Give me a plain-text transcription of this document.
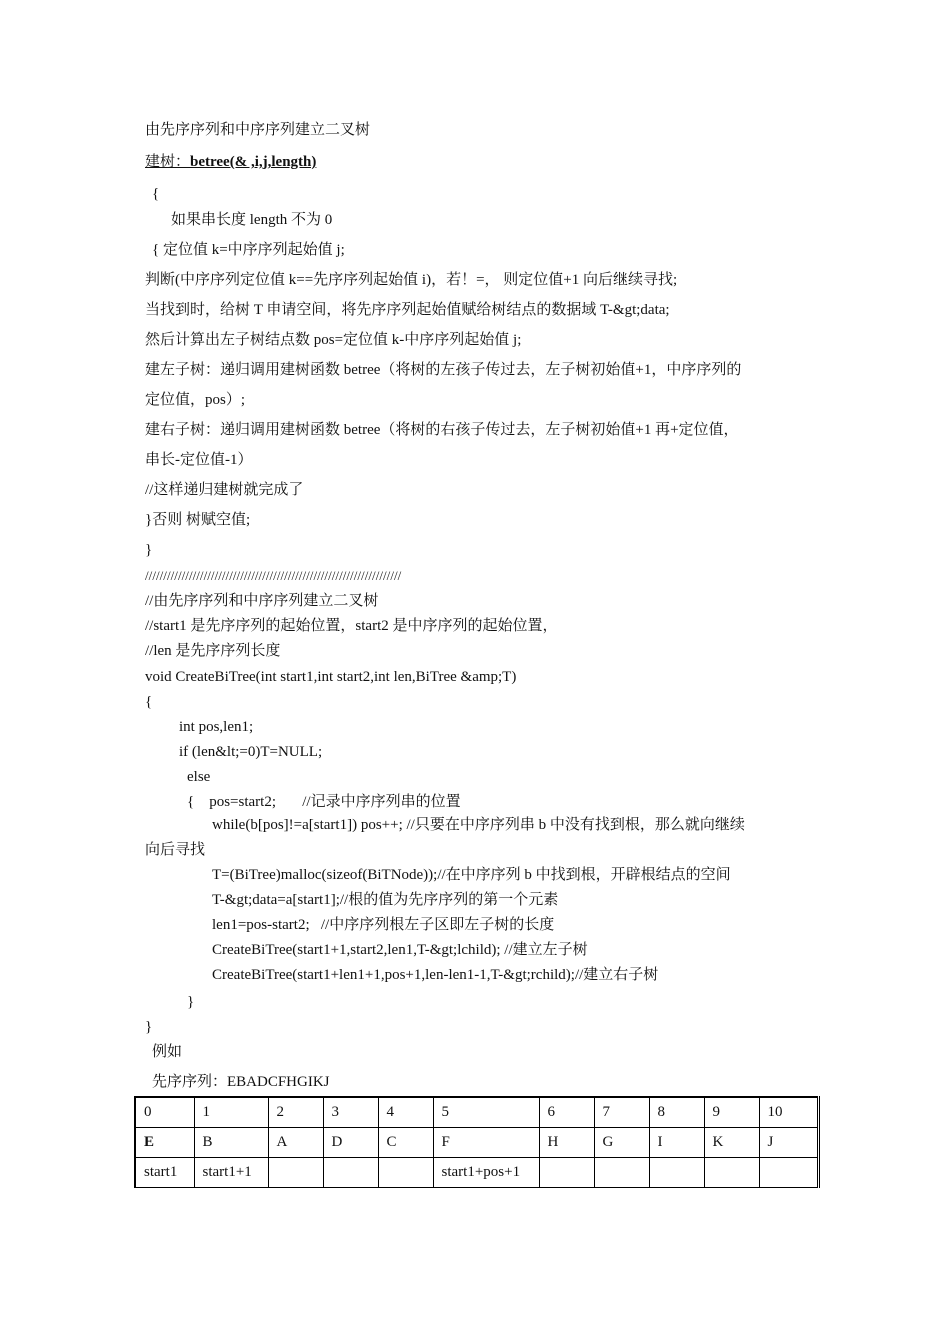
由先序序列和中序序列建立二叉树
建树：betree(& ,i,j,length)
{
如果串长度 length 不为 0
{ 定位值 k=中序序列起始值 j;
判断(中序序列定位值 k==先序序列起始值 i)，若！=， 则定位值+1 向后继续寻找;
当找到时，给树 T 申请空间，将先序序列起始值赋给树结点的数据域 T-&gt;data;
然后计算出左子树结点数 pos=定位值 k-中序序列起始值 j;
建左子树：递归调用建树函数 betree（将树的左孩子传过去，左子树初始值+1，中序序列的
定位值，pos）;
建右子树：递归调用建树函数 betree（将树的右孩子传过去，左子树初始值+1 再+定位值，
串长-定位值-1）
//这样递归建树就完成了
}否则 树赋空值;
}
//////////////////////////////////////////////////////////////////////
//由先序序列和中序序列建立二叉树
//start1 是先序序列的起始位置，start2 是中序序列的起始位置，
//len 是先序序列长度
void CreateBiTree(int start1,int start2,int len,BiTree &amp;T)
{
int pos,len1;
if (len&lt;=0)T=NULL;
else
{    pos=start2;       //记录中序序列串的位置
while(b[pos]!=a[start1]) pos++; //只要在中序序列串 b 中没有找到根，那么就向继续
向后寻找
T=(BiTree)malloc(sizeof(BiTNode));//在中序序列 b 中找到根，开辟根结点的空间
T-&gt;data=a[start1];//根的值为先序序列的第一个元素
len1=pos-start2;   //中序序列根左子区即左子树的长度
CreateBiTree(start1+1,start2,len1,T-&gt;lchild); //建立左子树
CreateBiTree(start1+len1+1,pos+1,len-len1-1,T-&gt;rchild);//建立右子树
}
}
例如
先序序列：EBADCFHGIKJ
0	1	2	3	4	5	6	7	8	9	10
E	B	A	D	C	F	H	G	I	K	J
start1	start1+1				start1+pos+1					
